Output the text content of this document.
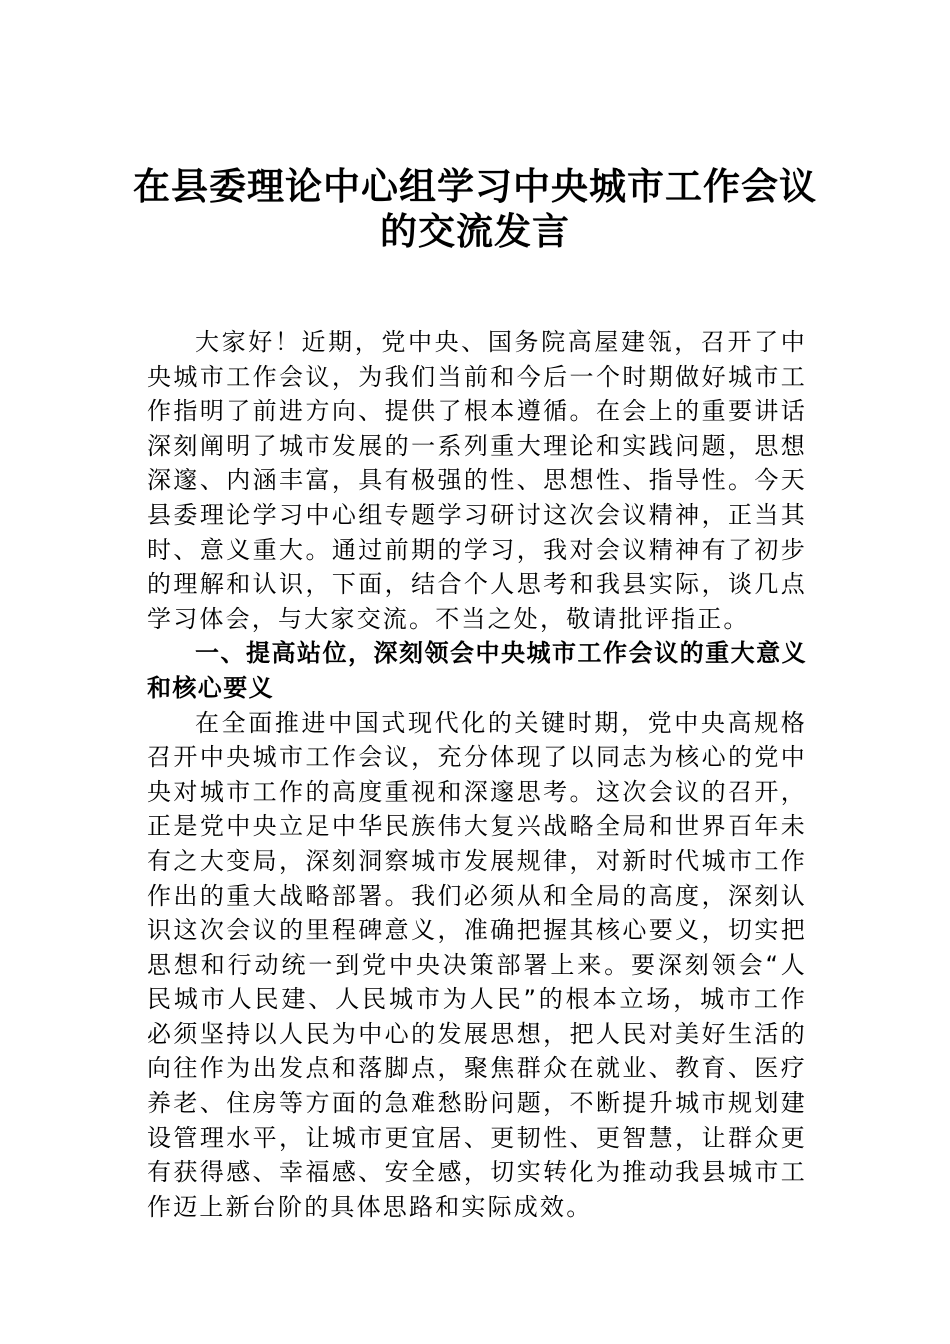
在县委理论中心组学习中央城市工作会议
的交流发言

大家好！近期，党中央、国务院高屋建瓴，召开了中央城市工作会议，为我们当前和今后一个时期做好城市工作指明了前进方向、提供了根本遵循。在会上的重要讲话深刻阐明了城市发展的一系列重大理论和实践问题，思想深邃、内涵丰富，具有极强的性、思想性、指导性。今天县委理论学习中心组专题学习研讨这次会议精神，正当其时、意义重大。通过前期的学习，我对会议精神有了初步的理解和认识，下面，结合个人思考和我县实际，谈几点学习体会，与大家交流。不当之处，敬请批评指正。

一、提高站位，深刻领会中央城市工作会议的重大意义和核心要义

在全面推进中国式现代化的关键时期，党中央高规格召开中央城市工作会议，充分体现了以同志为核心的党中央对城市工作的高度重视和深邃思考。这次会议的召开，正是党中央立足中华民族伟大复兴战略全局和世界百年未有之大变局，深刻洞察城市发展规律，对新时代城市工作作出的重大战略部署。我们必须从和全局的高度，深刻认识这次会议的里程碑意义，准确把握其核心要义，切实把思想和行动统一到党中央决策部署上来。要深刻领会“人民城市人民建、人民城市为人民”的根本立场，城市工作必须坚持以人民为中心的发展思想，把人民对美好生活的向往作为出发点和落脚点，聚焦群众在就业、教育、医疗养老、住房等方面的急难愁盼问题，不断提升城市规划建设管理水平，让城市更宜居、更韧性、更智慧，让群众更有获得感、幸福感、安全感，切实转化为推动我县城市工作迈上新台阶的具体思路和实际成效。
